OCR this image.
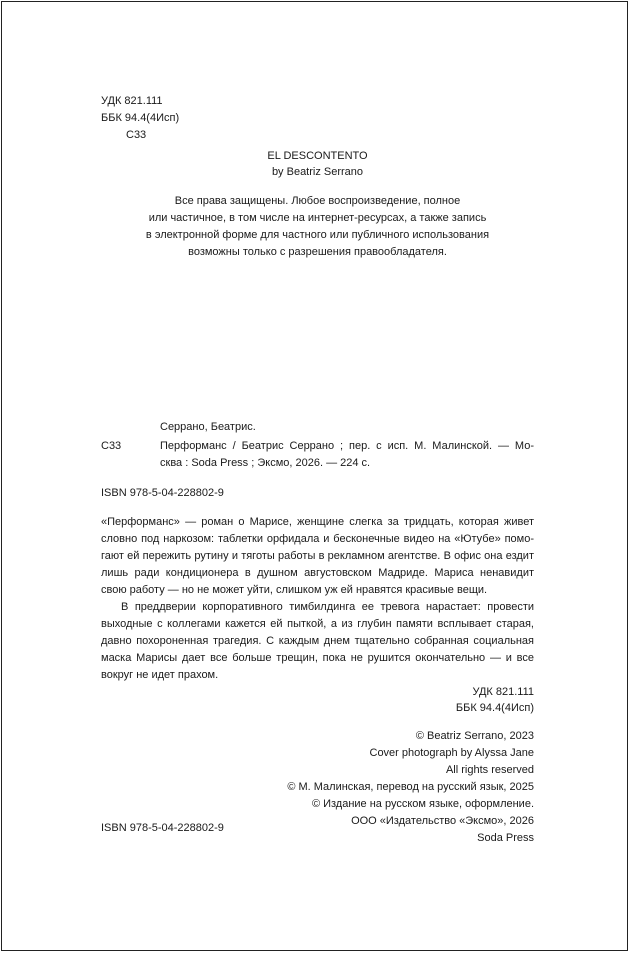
УДК 821.111
ББК 94.4(4Исп)
С33
EL DESCONTENTO
by Beatriz Serrano
Все права защищены. Любое воспроизведение, полное
или частичное, в том числе на интернет-ресурсах, а также запись
в электронной форме для частного или публичного использования
возможны только с разрешения правообладателя.
Серрано, Беатрис.
С33	Перформанс / Беатрис Серрано ; пер. с исп. М. Малинской. — Мо-
сква : Soda Press ; Эксмо, 2026. — 224 с.
ISBN 978-5-04-228802-9
«Перформанс» — роман о Марисе, женщине слегка за тридцать, которая живет
словно под наркозом: таблетки орфидала и бесконечные видео на «Ютубе» помо-
гают ей пережить рутину и тяготы работы в рекламном агентстве. В офис она ездит
лишь ради кондиционера в душном августовском Мадриде. Мариса ненавидит
свою работу — но не может уйти, слишком уж ей нравятся красивые вещи.
В преддверии корпоративного тимбилдинга ее тревога нарастает: провести
выходные с коллегами кажется ей пыткой, а из глубин памяти всплывает старая,
давно похороненная трагедия. С каждым днем тщательно собранная социальная
маска Марисы дает все больше трещин, пока не рушится окончательно — и все
вокруг не идет прахом.
УДК 821.111
ББК 94.4(4Исп)
© Beatriz Serrano, 2023
Cover photograph by Alyssa Jane
All rights reserved
© М. Малинская, перевод на русский язык, 2025
© Издание на русском языке, оформление.
ООО «Издательство «Эксмо», 2026
Soda Press
ISBN 978-5-04-228802-9
